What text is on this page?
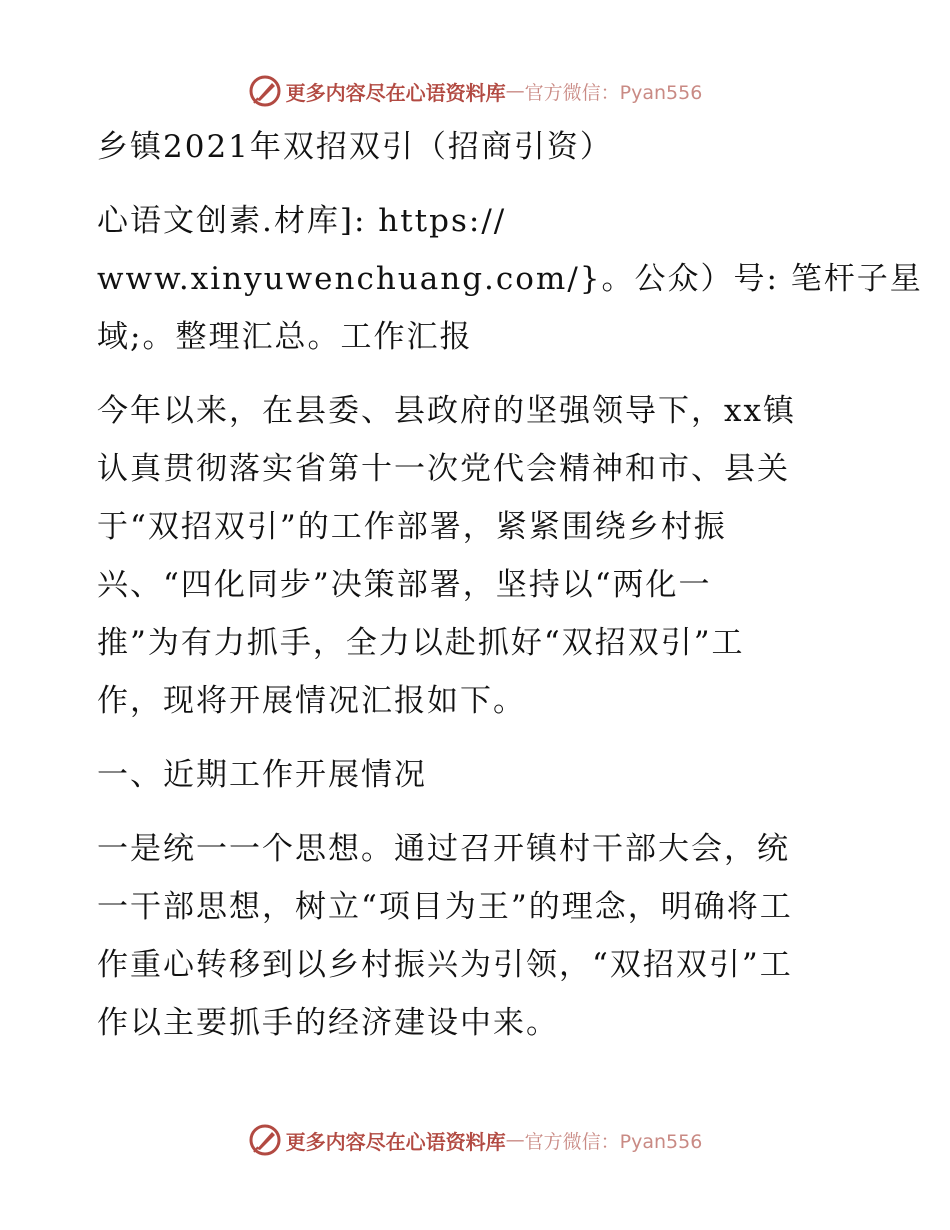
更多内容尽在心语资料库 — 官方微信：Pyan556
乡镇2021年双招双引（招商引资）
心语文创素.材库]: https://
www.xinyuwenchuang.com/}。公众）号: 笔杆子星
域;。整理汇总。工作汇报
今年以来，在县委、县政府的坚强领导下，xx镇
认真贯彻落实省第十一次党代会精神和市、县关
于“双招双引”的工作部署，紧紧围绕乡村振
兴、“四化同步”决策部署，坚持以“两化一
推”为有力抓手，全力以赴抓好“双招双引”工
作，现将开展情况汇报如下。
一、近期工作开展情况
一是统一一个思想。通过召开镇村干部大会，统
一干部思想，树立“项目为王”的理念，明确将工
作重心转移到以乡村振兴为引领，“双招双引”工
作以主要抓手的经济建设中来。
更多内容尽在心语资料库 — 官方微信：Pyan556
